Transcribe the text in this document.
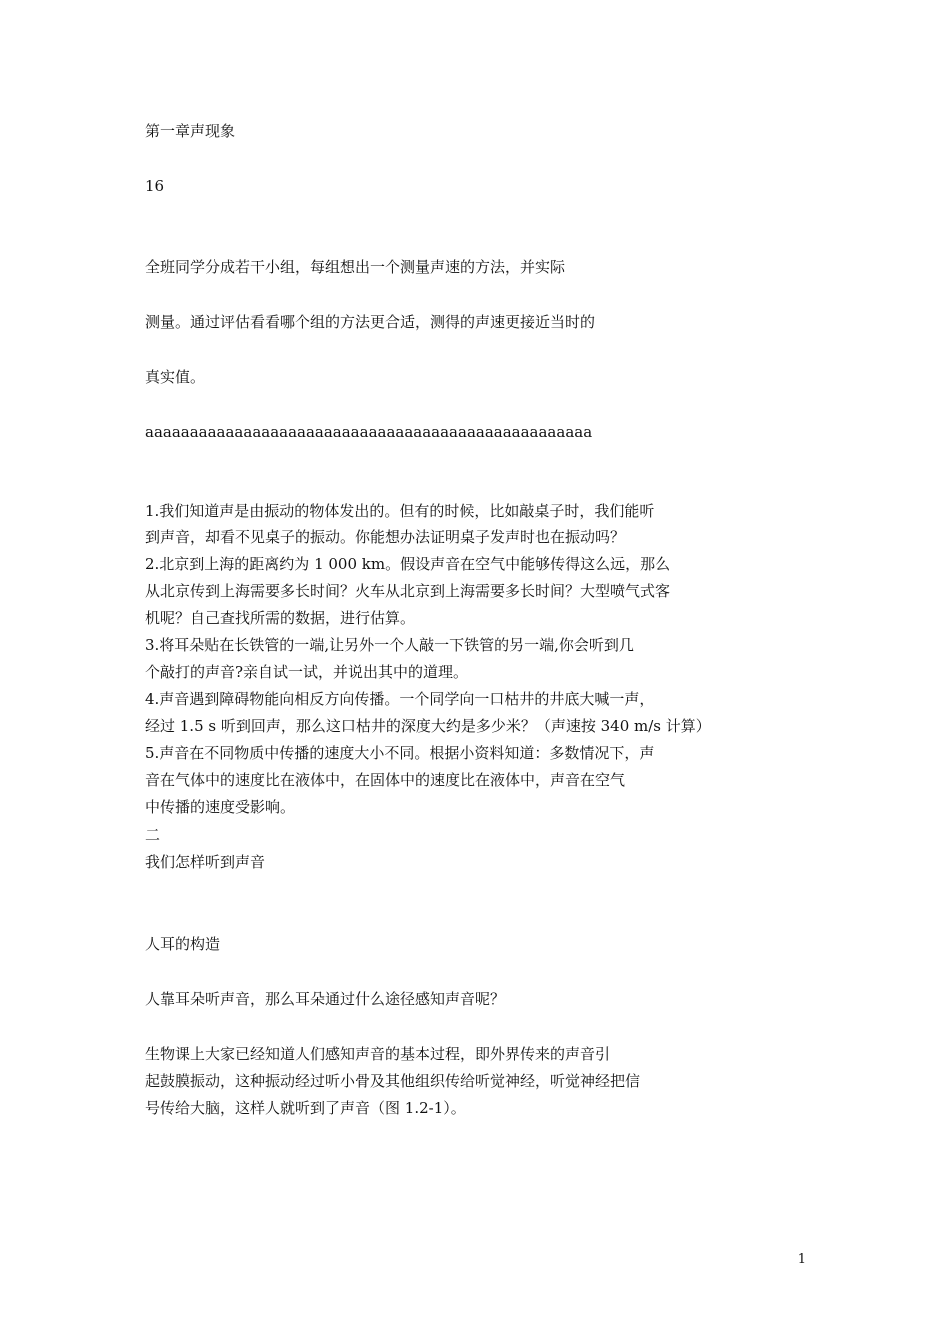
第一章声现象
16
全班同学分成若干小组，每组想出一个测量声速的方法，并实际
测量。通过评估看看哪个组的方法更合适，测得的声速更接近当时的
真实值。
aaaaaaaaaaaaaaaaaaaaaaaaaaaaaaaaaaaaaaaaaaaaaaaaaa
1.我们知道声是由振动的物体发出的。但有的时候，比如敲桌子时，我们能听
到声音，却看不见桌子的振动。你能想办法证明桌子发声时也在振动吗？
2.北京到上海的距离约为 1 000 km。假设声音在空气中能够传得这么远，那么
从北京传到上海需要多长时间？火车从北京到上海需要多长时间？大型喷气式客
机呢？自己查找所需的数据，进行估算。
3.将耳朵贴在长铁管的一端,让另外一个人敲一下铁管的另一端,你会听到几
个敲打的声音?亲自试一试，并说出其中的道理。
4.声音遇到障碍物能向相反方向传播。一个同学向一口枯井的井底大喊一声，
经过 1.5 s 听到回声，那么这口枯井的深度大约是多少米？（声速按 340 m/s 计算）
5.声音在不同物质中传播的速度大小不同。根据小资料知道：多数情况下，声
音在气体中的速度比在液体中，在固体中的速度比在液体中，声音在空气
中传播的速度受影响。
二
我们怎样听到声音
人耳的构造
人靠耳朵听声音，那么耳朵通过什么途径感知声音呢？
生物课上大家已经知道人们感知声音的基本过程，即外界传来的声音引
起鼓膜振动，这种振动经过听小骨及其他组织传给听觉神经，听觉神经把信
号传给大脑，这样人就听到了声音（图 1.2-1）。
1
